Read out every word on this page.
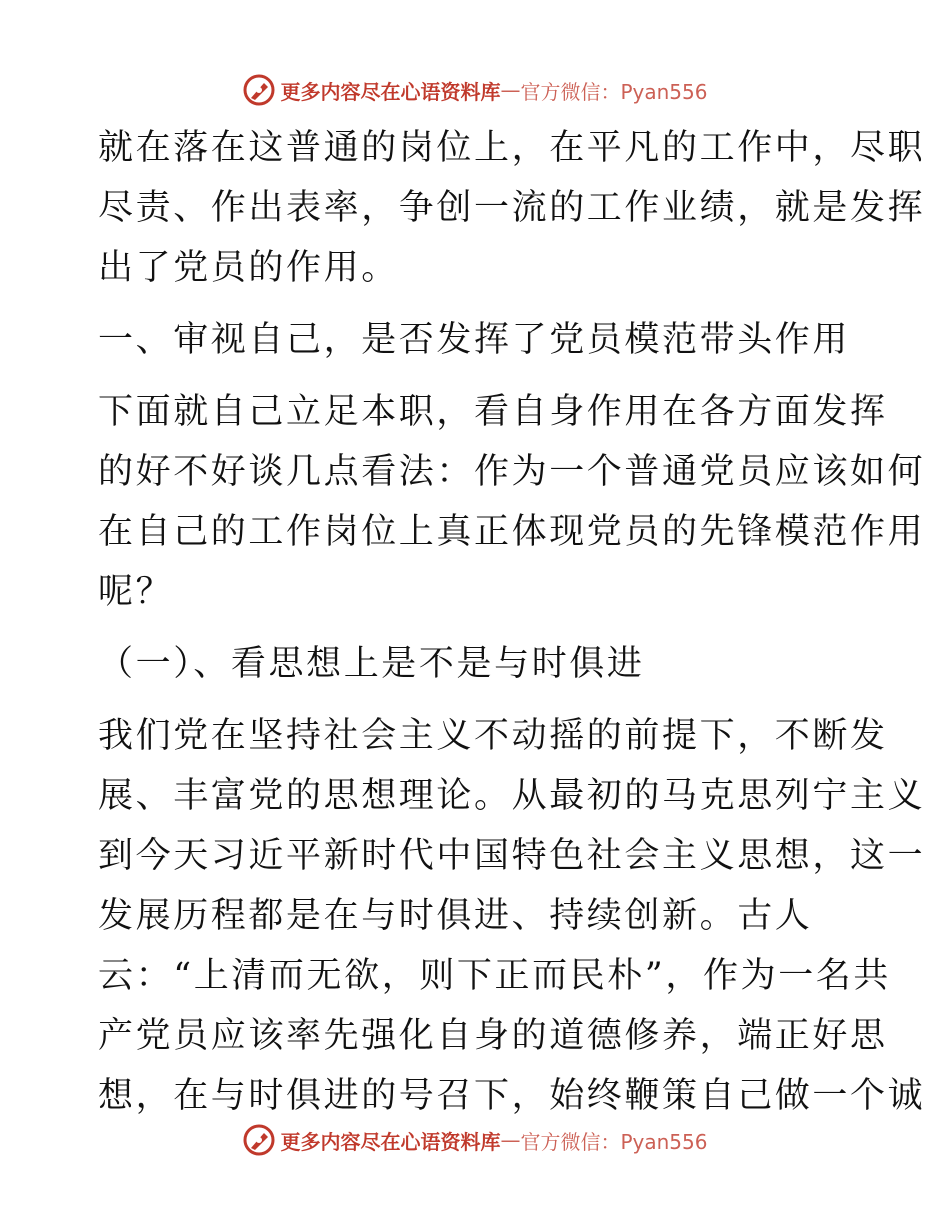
更多内容尽在心语资料库 — 官方微信：Pyan556
就在落在这普通的岗位上，在平凡的工作中，尽职
尽责、作出表率，争创一流的工作业绩，就是发挥
出了党员的作用。
一、审视自己，是否发挥了党员模范带头作用
下面就自己立足本职，看自身作用在各方面发挥
的好不好谈几点看法：作为一个普通党员应该如何
在自己的工作岗位上真正体现党员的先锋模范作用
呢？
（一）、看思想上是不是与时俱进
我们党在坚持社会主义不动摇的前提下，不断发
展、丰富党的思想理论。从最初的马克思列宁主义
到今天习近平新时代中国特色社会主义思想，这一
发展历程都是在与时俱进、持续创新。古人
云：“上清而无欲，则下正而民朴”，作为一名共
产党员应该率先强化自身的道德修养，端正好思
想，在与时俱进的号召下，始终鞭策自己做一个诚
更多内容尽在心语资料库 — 官方微信：Pyan556
